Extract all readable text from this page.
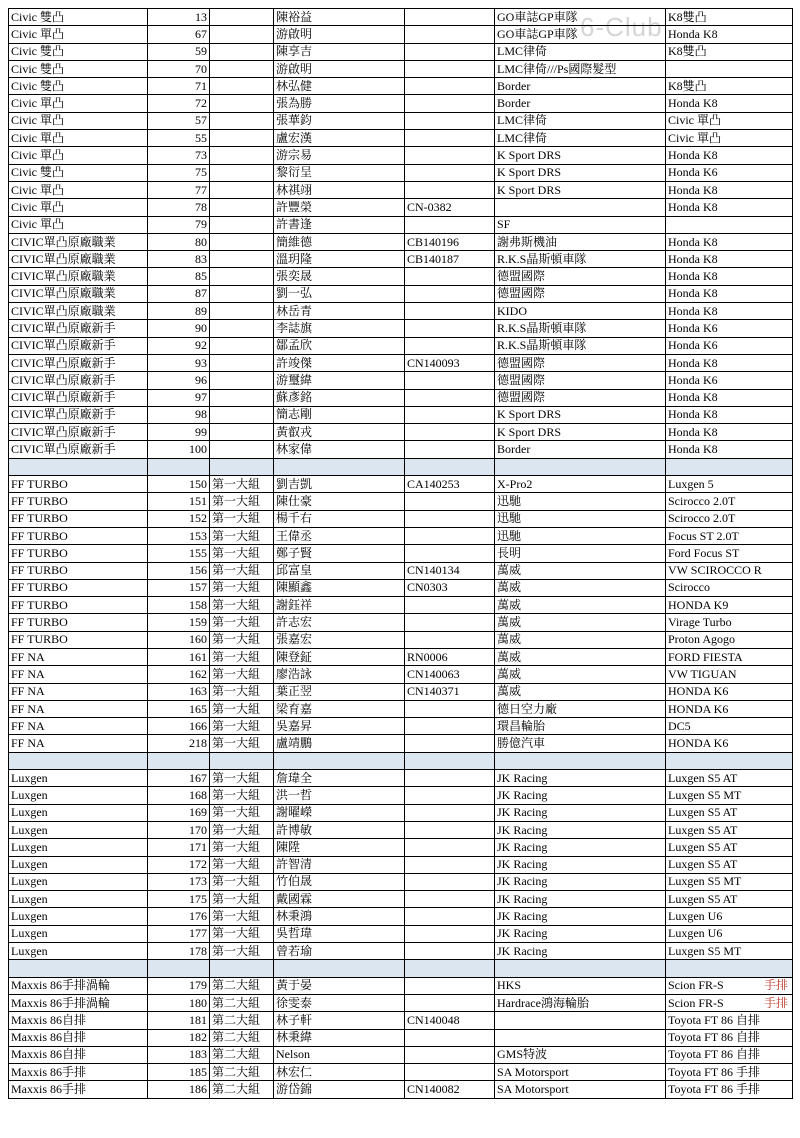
6-Club
Civic 雙凸	13		陳裕益		GO車誌GP車隊	K8雙凸
Civic 單凸	67		游啟明		GO車誌GP車隊	Honda K8
Civic 雙凸	59		陳享吉		LMC律倚	K8雙凸
Civic 雙凸	70		游啟明		LMC律倚///Ps國際髮型	
Civic 雙凸	71		林弘健		Border	K8雙凸
Civic 單凸	72		張為勝		Border	Honda K8
Civic 單凸	57		張華鈞		LMC律倚	Civic 單凸
Civic 單凸	55		盧宏漢		LMC律倚	Civic 單凸
Civic 單凸	73		游宗易		K Sport DRS	Honda K8
Civic 雙凸	75		黎衍呈		K Sport DRS	Honda K6
Civic 單凸	77		林祺翊		K Sport DRS	Honda K8
Civic 單凸	78		許豐榮	CN-0382		Honda K8
Civic 單凸	79		許書逢		SF	
CIVIC單凸原廠職業	80		簡維德	CB140196	謝弗斯機油	Honda K8
CIVIC單凸原廠職業	83		溫玥隆	CB140187	R.K.S晶斯頓車隊	Honda K8
CIVIC單凸原廠職業	85		張奕晟		德盟國際	Honda K8
CIVIC單凸原廠職業	87		劉一弘		德盟國際	Honda K8
CIVIC單凸原廠職業	89		林岳青		KIDO	Honda K8
CIVIC單凸原廠新手	90		李誌旗		R.K.S晶斯頓車隊	Honda K6
CIVIC單凸原廠新手	92		鄒孟欣		R.K.S晶斯頓車隊	Honda K6
CIVIC單凸原廠新手	93		許竣傑	CN140093	德盟國際	Honda K8
CIVIC單凸原廠新手	96		游璽緯		德盟國際	Honda K6
CIVIC單凸原廠新手	97		蘇彥銘		德盟國際	Honda K8
CIVIC單凸原廠新手	98		簡志剛		K Sport DRS	Honda K8
CIVIC單凸原廠新手	99		黃叡戎		K Sport DRS	Honda K8
CIVIC單凸原廠新手	100		林家偉		Border	Honda K8

FF TURBO	150	第一大組	劉吉凱	CA140253	X-Pro2	Luxgen 5
FF TURBO	151	第一大組	陳仕豪		迅馳	Scirocco 2.0T
FF TURBO	152	第一大組	楊千右		迅馳	Scirocco 2.0T
FF TURBO	153	第一大組	王偉丞		迅馳	Focus ST 2.0T
FF TURBO	155	第一大組	鄭子賢		長明	Ford Focus ST
FF TURBO	156	第一大組	邱富皇	CN140134	萬威	VW SCIROCCO R
FF TURBO	157	第一大組	陳顯鑫	CN0303	萬威	Scirocco
FF TURBO	158	第一大組	謝鈺祥		萬威	HONDA K9
FF TURBO	159	第一大組	許志宏		萬威	Virage Turbo
FF TURBO	160	第一大組	張嘉宏		萬威	Proton Agogo
FF NA	161	第一大組	陳登鉦	RN0006	萬威	FORD FIESTA
FF NA	162	第一大組	廖浩詠	CN140063	萬威	VW TIGUAN
FF NA	163	第一大組	葉正翌	CN140371	萬威	HONDA K6
FF NA	165	第一大組	梁育嘉		德日空力廠	HONDA K6
FF NA	166	第一大組	吳嘉昇		環昌輪胎	DC5
FF NA	218	第一大組	盧靖鵬		勝億汽車	HONDA K6

Luxgen	167	第一大組	詹瑋全		JK Racing	Luxgen S5 AT
Luxgen	168	第一大組	洪一哲		JK Racing	Luxgen S5 MT
Luxgen	169	第一大組	謝曜嶸		JK Racing	Luxgen S5 AT
Luxgen	170	第一大組	許博敏		JK Racing	Luxgen S5 AT
Luxgen	171	第一大組	陳陞		JK Racing	Luxgen S5 AT
Luxgen	172	第一大組	許智清		JK Racing	Luxgen S5 AT
Luxgen	173	第一大組	竹伯晟		JK Racing	Luxgen S5 MT
Luxgen	175	第一大組	戴國霖		JK Racing	Luxgen S5 AT
Luxgen	176	第一大組	林秉鴻		JK Racing	Luxgen U6
Luxgen	177	第一大組	吳哲瑋		JK Racing	Luxgen U6
Luxgen	178	第一大組	曾若瑜		JK Racing	Luxgen S5 MT

Maxxis 86手排渦輪	179	第二大組	黃于晏		HKS	Scion FR-S 手排

Maxxis 86手排渦輪	180	第二大組	徐雯泰		Hardrace鴻海輪胎	Scion FR-S 手排

Maxxis 86自排	181	第二大組	林子軒	CN140048		Toyota FT 86 自排
Maxxis 86自排	182	第二大組	林秉緯			Toyota FT 86 自排
Maxxis 86自排	183	第二大組	Nelson		GMS特波	Toyota FT 86 自排
Maxxis 86手排	185	第二大組	林宏仁		SA Motorsport	Toyota FT 86 手排
Maxxis 86手排	186	第二大組	游岱錦	CN140082	SA Motorsport	Toyota FT 86 手排
